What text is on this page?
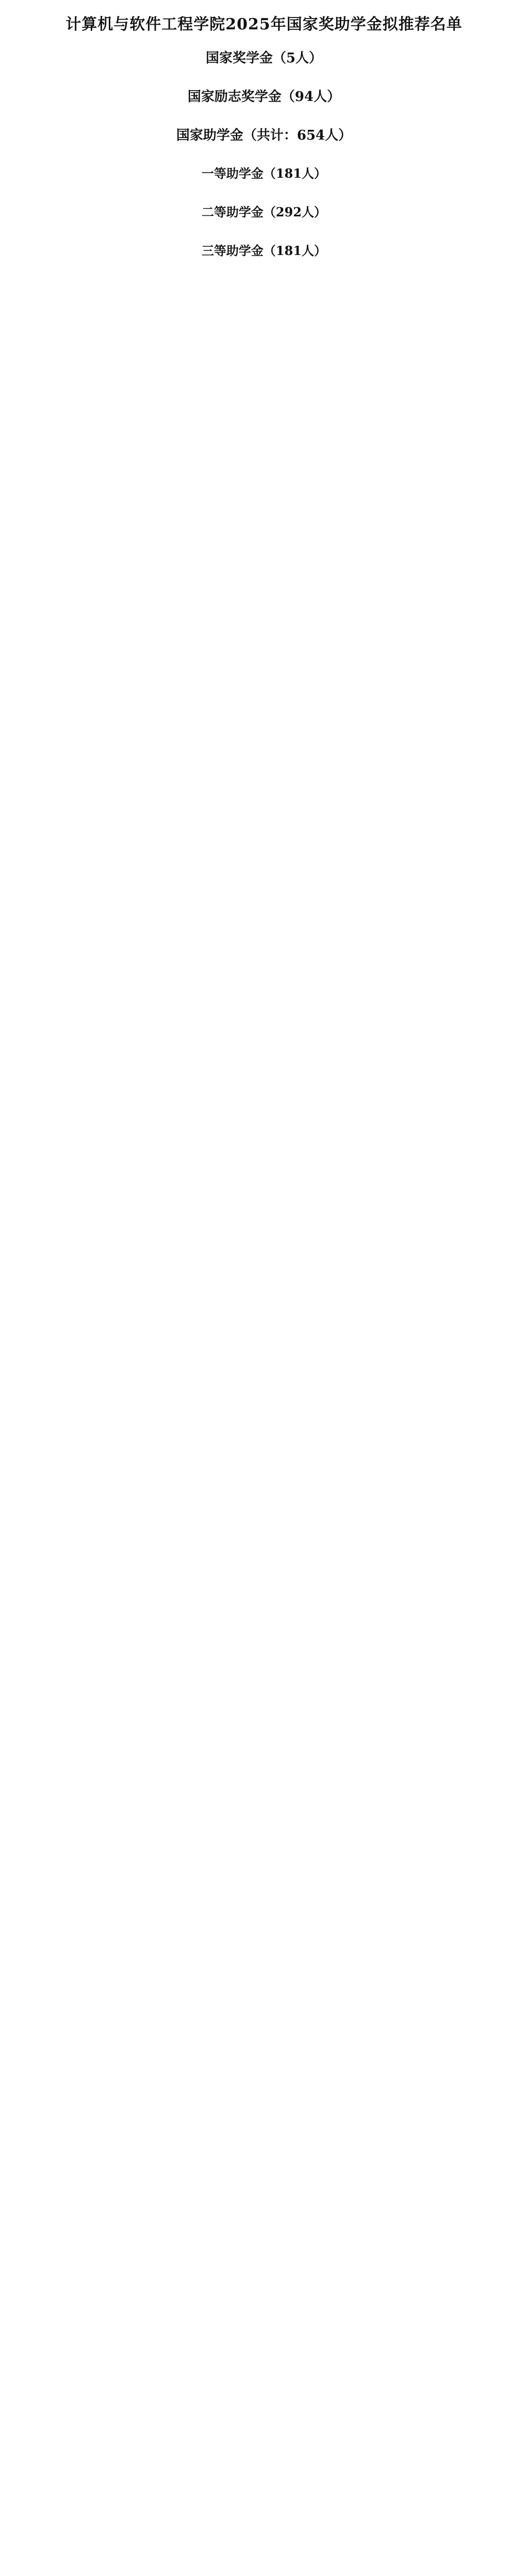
计算机与软件工程学院2025年国家奖助学金拟推荐名单
国家奖学金（5人）
国家励志奖学金（94人）
国家助学金（共计：654人）
一等助学金（181人）
二等助学金（292人）
三等助学金（181人）
